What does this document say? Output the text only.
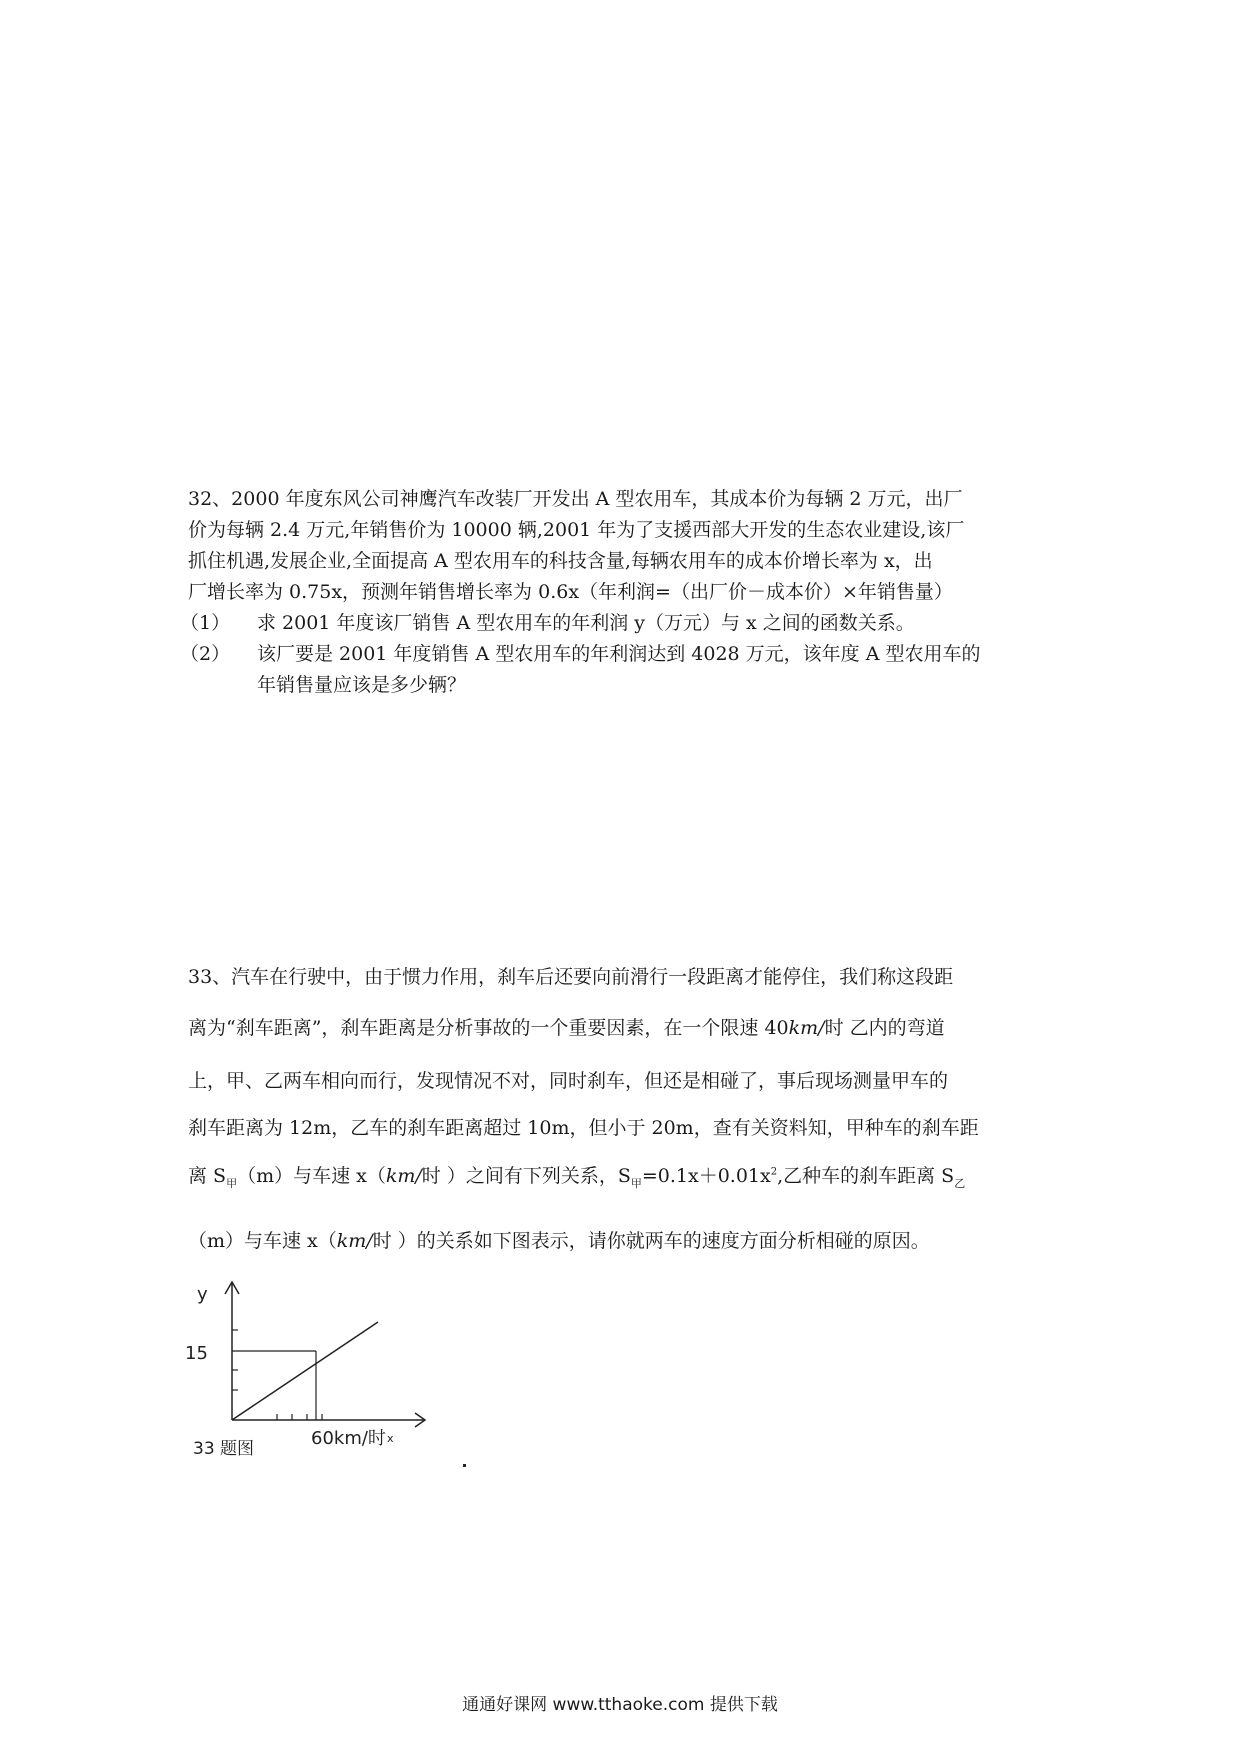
32、2000 年度东风公司神鹰汽车改装厂开发出 A 型农用车，其成本价为每辆 2 万元，出厂
价为每辆 2.4 万元,年销售价为 10000 辆,2001 年为了支援西部大开发的生态农业建设,该厂
抓住机遇,发展企业,全面提高 A 型农用车的科技含量,每辆农用车的成本价增长率为 x，出
厂增长率为 0.75x，预测年销售增长率为 0.6x（年利润=（出厂价－成本价）×年销售量）
（1） 求 2001 年度该厂销售 A 型农用车的年利润 y（万元）与 x 之间的函数关系。
（2） 该厂要是 2001 年度销售 A 型农用车的年利润达到 4028 万元，该年度 A 型农用车的
年销售量应该是多少辆？
33、汽车在行驶中，由于惯力作用，刹车后还要向前滑行一段距离才能停住，我们称这段距
离为“刹车距离”，刹车距离是分析事故的一个重要因素，在一个限速 40km/时 乙内的弯道
上，甲、乙两车相向而行，发现情况不对，同时刹车，但还是相碰了，事后现场测量甲车的
刹车距离为 12m，乙车的刹车距离超过 10m，但小于 20m，查有关资料知，甲种车的刹车距
离 $S_甲(m)$与车速 x（km/时 ）之间有下列关系，$S_甲=0.1x+0.01x^2$,乙种车的刹车距离 $S_乙$
（m）与车速 x（km/时 ）的关系如下图表示，请你就两车的速度方面分析相碰的原因。
y
15
60km/时 x
33 题图
通通好课网 www.tthaoke.com 提供下载
